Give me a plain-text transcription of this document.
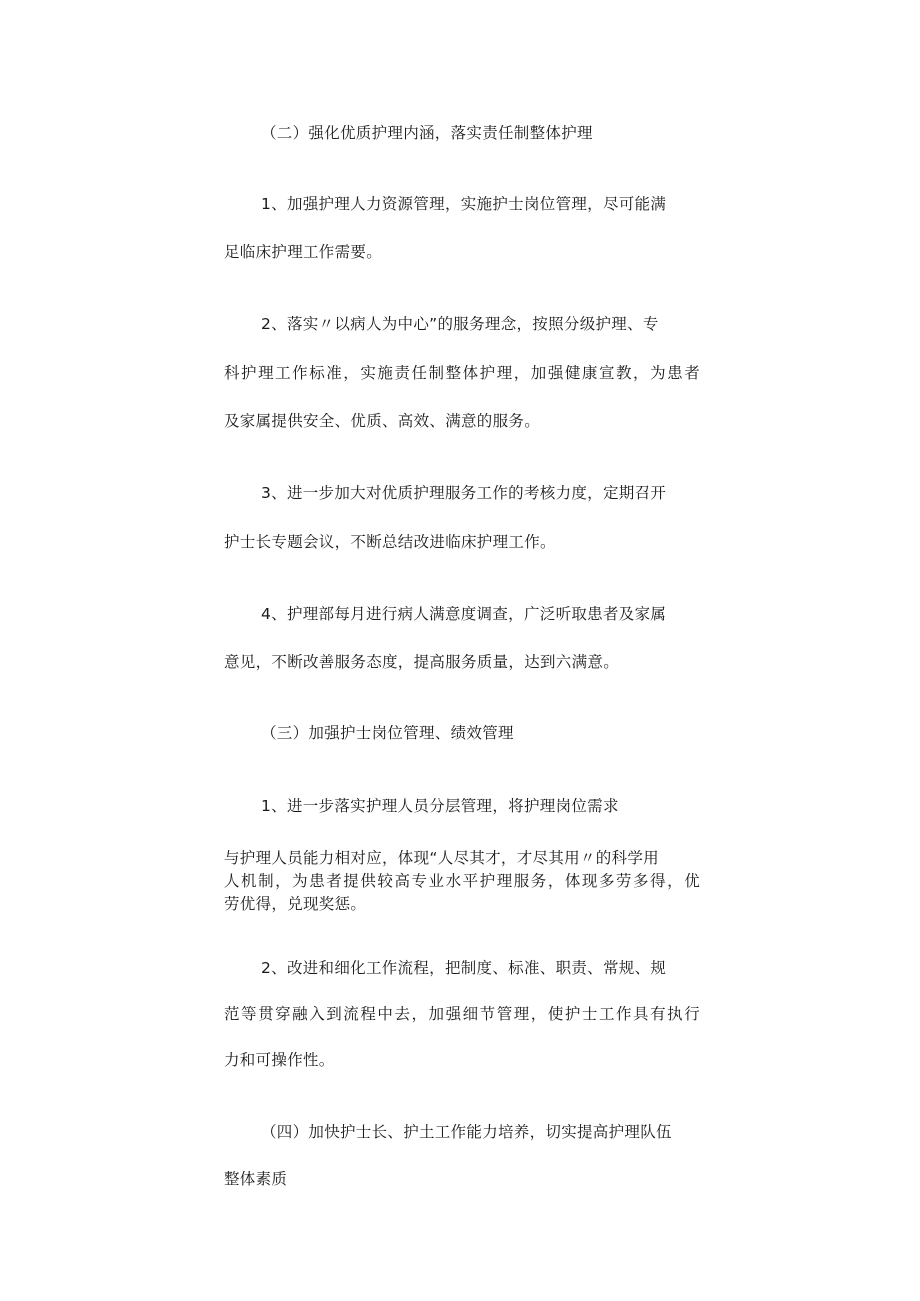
（二）强化优质护理内涵，落实责任制整体护理

1、加强护理人力资源管理，实施护士岗位管理，尽可能满

足临床护理工作需要。

2、落实〃以病人为中心”的服务理念，按照分级护理、专

科护理工作标准，实施责任制整体护理，加强健康宣教，为患者

及家属提供安全、优质、高效、满意的服务。

3、进一步加大对优质护理服务工作的考核力度，定期召开

护士长专题会议，不断总结改进临床护理工作。

4、护理部每月进行病人满意度调查，广泛听取患者及家属

意见，不断改善服务态度，提高服务质量，达到六满意。

（三）加强护士岗位管理、绩效管理

1、进一步落实护理人员分层管理，将护理岗位需求

与护理人员能力相对应，体现“人尽其才，才尽其用〃的科学用

人机制，为患者提供较高专业水平护理服务，体现多劳多得，优

劳优得，兑现奖惩。

2、改进和细化工作流程，把制度、标准、职责、常规、规

范等贯穿融入到流程中去，加强细节管理，使护士工作具有执行

力和可操作性。

（四）加快护士长、护土工作能力培养，切实提高护理队伍

整体素质
